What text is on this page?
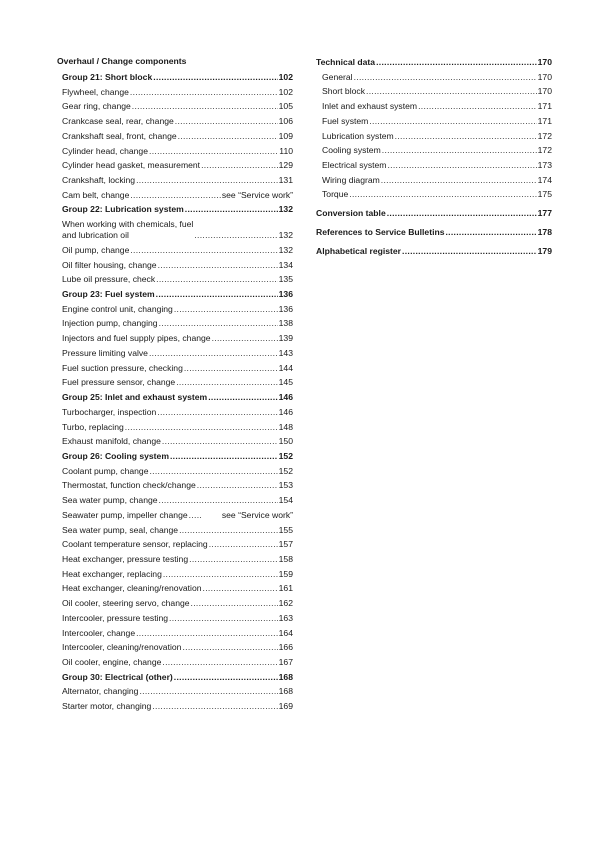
Overhaul / Change components
Group 21: Short block .....	102
Flywheel, change .....	102
Gear ring, change .....	105
Crankcase seal, rear, change .....	106
Crankshaft seal, front, change .....	109
Cylinder head, change .....	110
Cylinder head gasket, measurement .....	129
Crankshaft, locking .....	131
Cam belt, change .....	see “Service work”
Group 22: Lubrication system .....	132
When working with chemicals, fuel
and lubrication oil .....	132
Oil pump, change .....	132
Oil filter housing, change .....	134
Lube oil pressure, check .....	135
Group 23: Fuel system .....	136
Engine control unit, changing .....	136
Injection pump, changing .....	138
Injectors and fuel supply pipes, change .....	139
Pressure limiting valve .....	143
Fuel suction pressure, checking .....	144
Fuel pressure sensor, change .....	145
Group 25: Inlet and exhaust system .....	146
Turbocharger, inspection .....	146
Turbo, replacing .....	148
Exhaust manifold, change .....	150
Group 26: Cooling system .....	152
Coolant pump, change .....	152
Thermostat, function check/change .....	153
Sea water pump, change .....	154
Seawater pump, impeller change .....	see “Service work”
Sea water pump, seal, change .....	155
Coolant temperature sensor, replacing .....	157
Heat exchanger, pressure testing .....	158
Heat exchanger, replacing .....	159
Heat exchanger, cleaning/renovation .....	161
Oil cooler, steering servo, change .....	162
Intercooler, pressure testing .....	163
Intercooler, change .....	164
Intercooler, cleaning/renovation .....	166
Oil cooler, engine, change .....	167
Group 30: Electrical (other) .....	168
Alternator, changing .....	168
Starter motor, changing .....	169
Technical data .....	170
General .....	170
Short block .....	170
Inlet and exhaust system .....	171
Fuel system .....	171
Lubrication system .....	172
Cooling system .....	172
Electrical system .....	173
Wiring diagram .....	174
Torque .....	175
Conversion table .....	177
References to Service Bulletins .....	178
Alphabetical register .....	179
